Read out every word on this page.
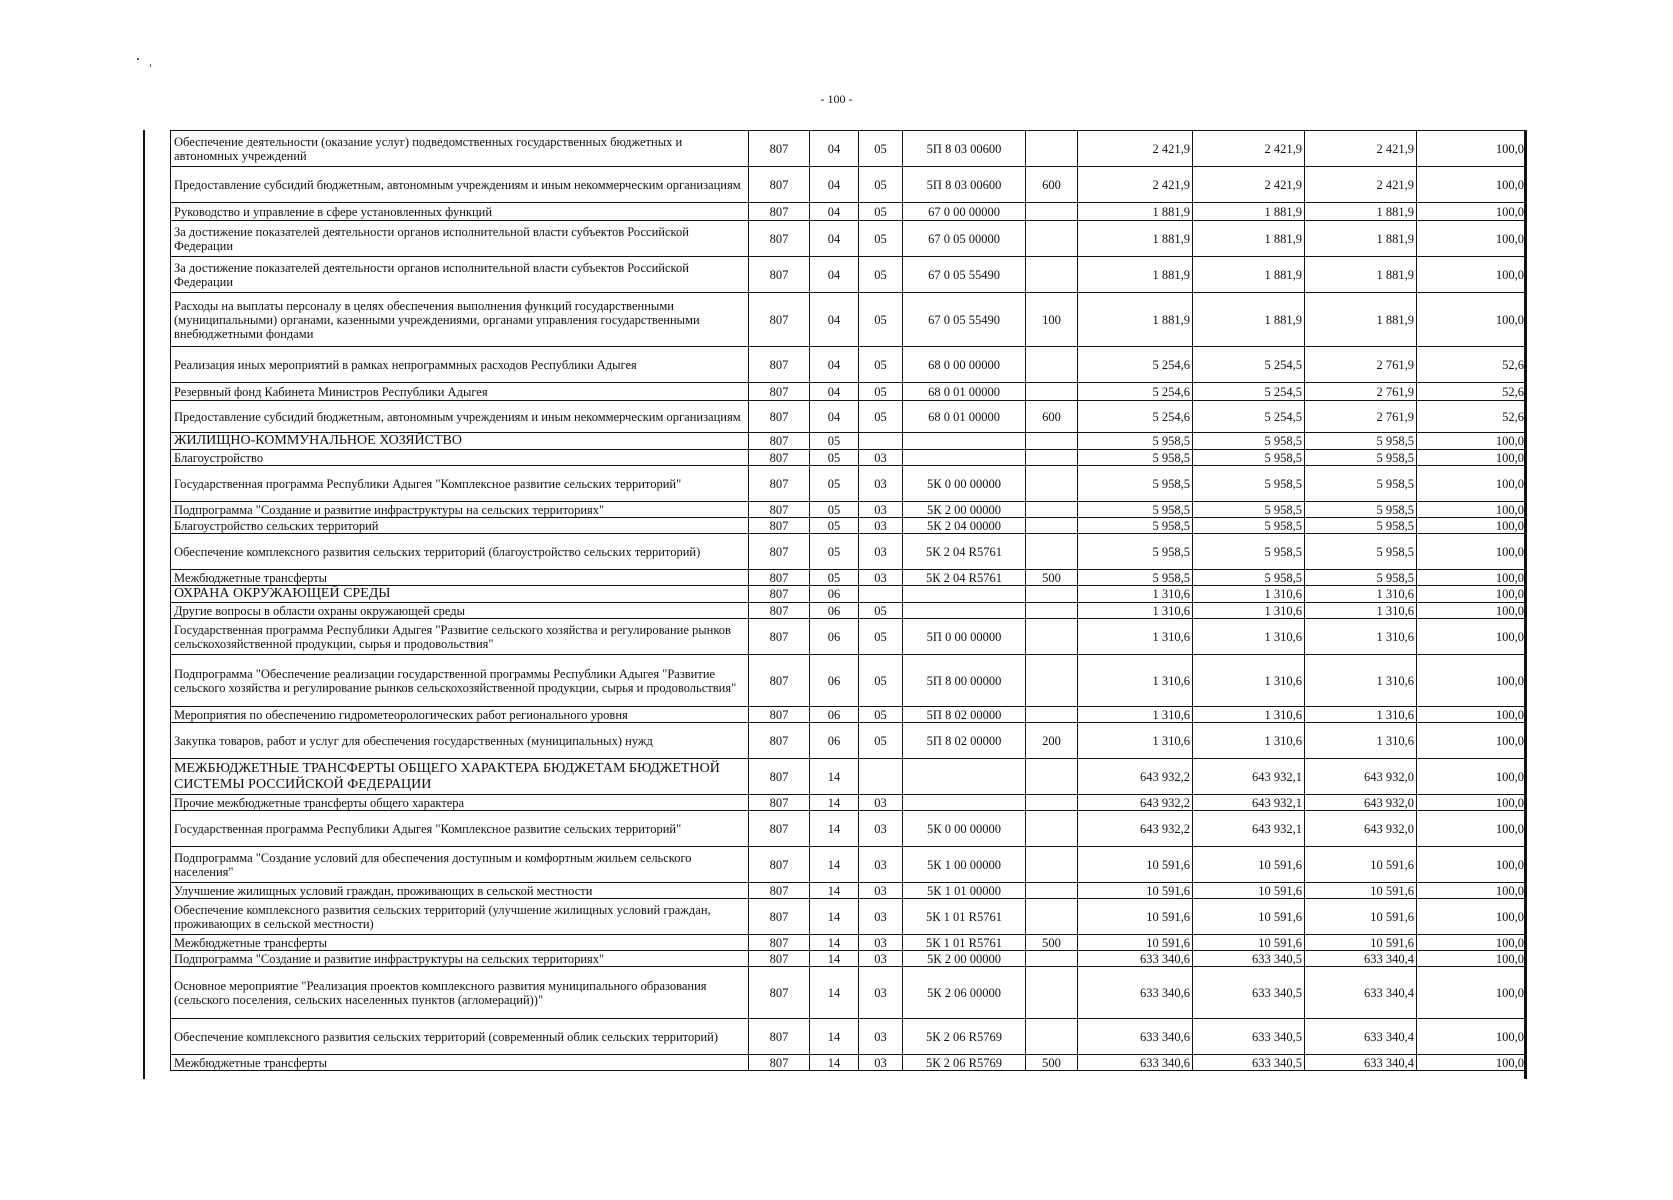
- 100 -
	Обеспечение деятельности (оказание услуг) подведомственных государственных бюджетных и автономных учреждений	807	04	05	5П 8 03 00600		2 421,9	2 421,9	2 421,9	100,0
	Предоставление субсидий бюджетным, автономным учреждениям и иным некоммерческим организациям	807	04	05	5П 8 03 00600	600	2 421,9	2 421,9	2 421,9	100,0
	Руководство и управление в сфере установленных функций	807	04	05	67 0 00 00000		1 881,9	1 881,9	1 881,9	100,0
	За достижение показателей деятельности органов исполнительной власти субъектов Российской Федерации	807	04	05	67 0 05 00000		1 881,9	1 881,9	1 881,9	100,0
	За достижение показателей деятельности органов исполнительной власти субъектов Российской Федерации	807	04	05	67 0 05 55490		1 881,9	1 881,9	1 881,9	100,0
	Расходы на выплаты персоналу в целях обеспечения выполнения функций государственными (муниципальными) органами, казенными учреждениями, органами управления государственными внебюджетными фондами	807	04	05	67 0 05 55490	100	1 881,9	1 881,9	1 881,9	100,0
	Реализация иных мероприятий в рамках непрограммных расходов Республики Адыгея	807	04	05	68 0 00 00000		5 254,6	5 254,5	2 761,9	52,6
	Резервный фонд Кабинета Министров Республики Адыгея	807	04	05	68 0 01 00000		5 254,6	5 254,5	2 761,9	52,6
	Предоставление субсидий бюджетным, автономным учреждениям и иным некоммерческим организациям	807	04	05	68 0 01 00000	600	5 254,6	5 254,5	2 761,9	52,6
	ЖИЛИЩНО-КОММУНАЛЬНОЕ ХОЗЯЙСТВО	807	05				5 958,5	5 958,5	5 958,5	100,0
	Благоустройство	807	05	03			5 958,5	5 958,5	5 958,5	100,0
	Государственная программа Республики Адыгея "Комплексное развитие сельских территорий"	807	05	03	5К 0 00 00000		5 958,5	5 958,5	5 958,5	100,0
	Подпрограмма "Создание и развитие инфраструктуры на сельских территориях"	807	05	03	5К 2 00 00000		5 958,5	5 958,5	5 958,5	100,0
	Благоустройство сельских территорий	807	05	03	5К 2 04 00000		5 958,5	5 958,5	5 958,5	100,0
	Обеспечение комплексного развития сельских территорий (благоустройство сельских территорий)	807	05	03	5К 2 04 R5761		5 958,5	5 958,5	5 958,5	100,0
	Межбюджетные трансферты	807	05	03	5К 2 04 R5761	500	5 958,5	5 958,5	5 958,5	100,0
	ОХРАНА ОКРУЖАЮЩЕЙ СРЕДЫ	807	06				1 310,6	1 310,6	1 310,6	100,0
	Другие вопросы в области охраны окружающей среды	807	06	05			1 310,6	1 310,6	1 310,6	100,0
	Государственная программа Республики Адыгея "Развитие сельского хозяйства и регулирование рынков сельскохозяйственной продукции, сырья и продовольствия"	807	06	05	5П 0 00 00000		1 310,6	1 310,6	1 310,6	100,0
	Подпрограмма "Обеспечение реализации государственной программы Республики Адыгея "Развитие сельского хозяйства и регулирование рынков сельскохозяйственной продукции, сырья и продовольствия"	807	06	05	5П 8 00 00000		1 310,6	1 310,6	1 310,6	100,0
	Мероприятия по обеспечению гидрометеорологических работ регионального уровня	807	06	05	5П 8 02 00000		1 310,6	1 310,6	1 310,6	100,0
	Закупка товаров, работ и услуг для обеспечения государственных (муниципальных) нужд	807	06	05	5П 8 02 00000	200	1 310,6	1 310,6	1 310,6	100,0
	МЕЖБЮДЖЕТНЫЕ ТРАНСФЕРТЫ ОБЩЕГО ХАРАКТЕРА БЮДЖЕТАМ БЮДЖЕТНОЙ СИСТЕМЫ РОССИЙСКОЙ ФЕДЕРАЦИИ	807	14				643 932,2	643 932,1	643 932,0	100,0
	Прочие межбюджетные трансферты общего характера	807	14	03			643 932,2	643 932,1	643 932,0	100,0
	Государственная программа Республики Адыгея "Комплексное развитие сельских территорий"	807	14	03	5К 0 00 00000		643 932,2	643 932,1	643 932,0	100,0
	Подпрограмма "Создание условий для обеспечения доступным и комфортным жильем сельского населения"	807	14	03	5К 1 00 00000		10 591,6	10 591,6	10 591,6	100,0
	Улучшение жилищных условий граждан, проживающих в сельской местности	807	14	03	5К 1 01 00000		10 591,6	10 591,6	10 591,6	100,0
	Обеспечение комплексного развития сельских территорий (улучшение жилищных условий граждан, проживающих в сельской местности)	807	14	03	5К 1 01 R5761		10 591,6	10 591,6	10 591,6	100,0
	Межбюджетные трансферты	807	14	03	5К 1 01 R5761	500	10 591,6	10 591,6	10 591,6	100,0
	Подпрограмма "Создание и развитие инфраструктуры на сельских территориях"	807	14	03	5К 2 00 00000		633 340,6	633 340,5	633 340,4	100,0
	Основное мероприятие "Реализация проектов комплексного развития муниципального образования (сельского поселения, сельских населенных пунктов (агломераций))"	807	14	03	5К 2 06 00000		633 340,6	633 340,5	633 340,4	100,0
	Обеспечение комплексного развития сельских территорий (современный облик сельских территорий)	807	14	03	5К 2 06 R5769		633 340,6	633 340,5	633 340,4	100,0
	Межбюджетные трансферты	807	14	03	5К 2 06 R5769	500	633 340,6	633 340,5	633 340,4	100,0
